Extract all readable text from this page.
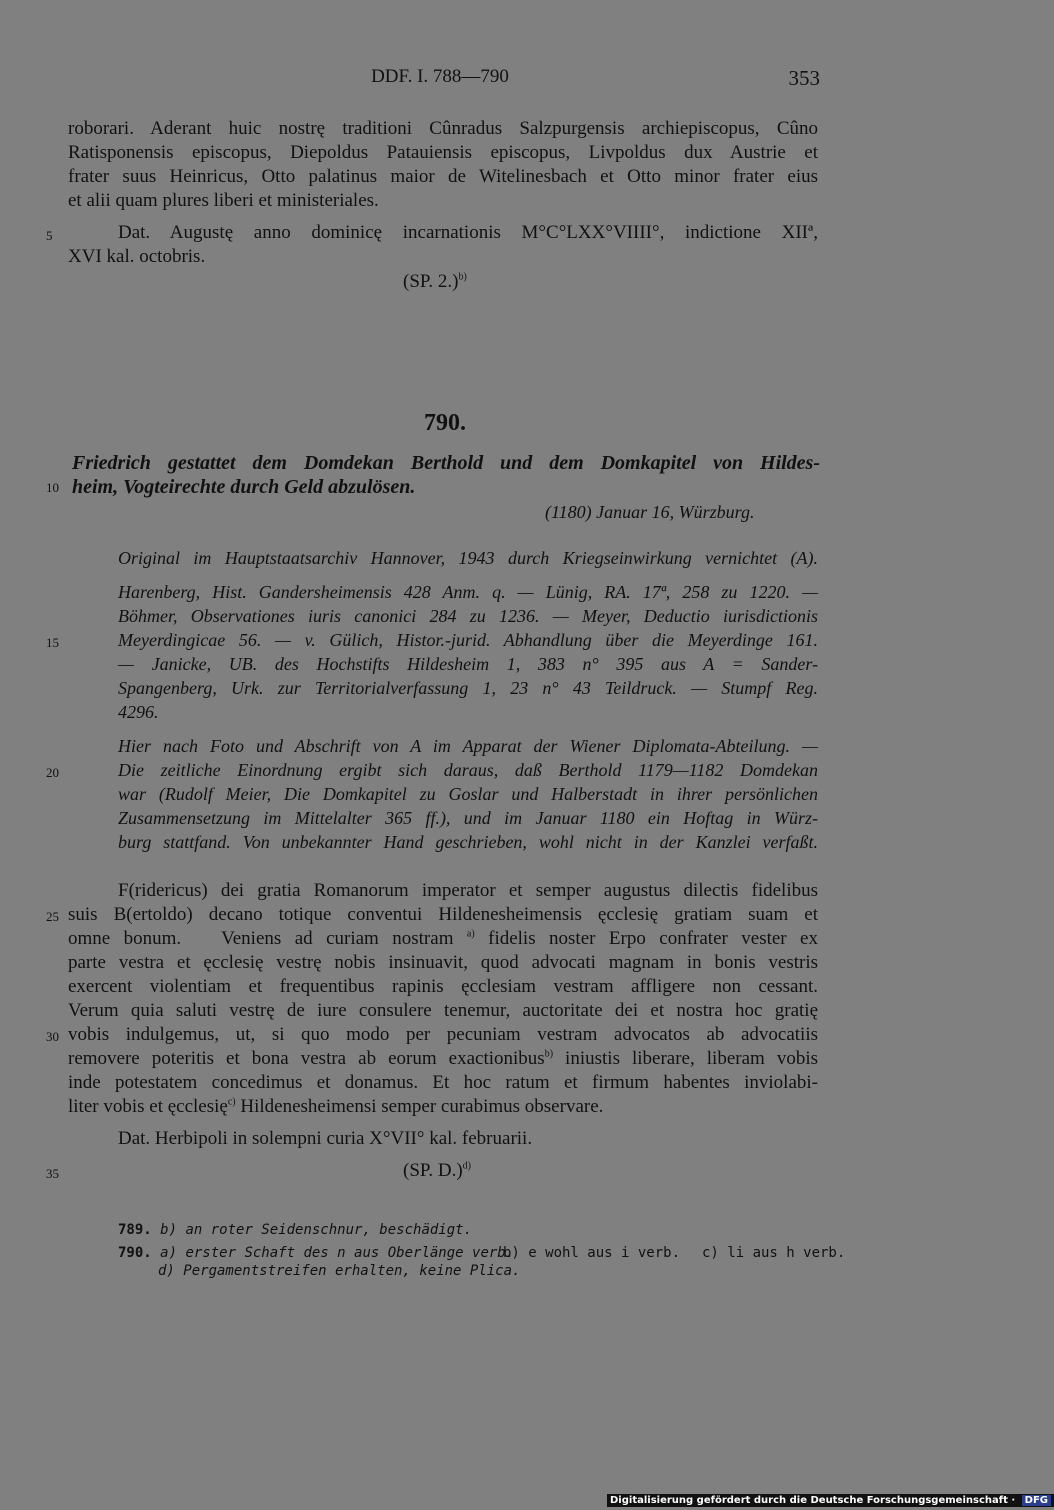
DDF. I. 788—790	353
roborari. Aderant huic nostrę traditioni Cûnradus Salzpurgensis archiepiscopus, Cûno
Ratisponensis episcopus, Diepoldus Patauiensis episcopus, Livpoldus dux Austrie et
frater suus Heinricus, Otto palatinus maior de Witelinesbach et Otto minor frater eius
et alii quam plures liberi et ministeriales.
5	Dat. Augustę anno dominicę incarnationis M°C°LXX°VIIII°, indictione XIIª,
XVI kal. octobris.
(SP. 2.)$^{b)}$
790.
Friedrich gestattet dem Domdekan Berthold und dem Domkapitel von Hildes-
10 heim, Vogteirechte durch Geld abzulösen.
(1180) Januar 16, Würzburg.
Original im Hauptstaatsarchiv Hannover, 1943 durch Kriegseinwirkung vernichtet (A).
Harenberg, Hist. Gandersheimensis 428 Anm. q. — Lünig, RA. 17ª, 258 zu 1220. —
Böhmer, Observationes iuris canonici 284 zu 1236. — Meyer, Deductio iurisdictionis
15	Meyerdingicae 56. — v. Gülich, Histor.-jurid. Abhandlung über die Meyerdinge 161.
— Janicke, UB. des Hochstifts Hildesheim 1, 383 n° 395 aus A = Sander-
Spangenberg, Urk. zur Territorialverfassung 1, 23 n° 43 Teildruck. — Stumpf Reg.
4296.
Hier nach Foto und Abschrift von A im Apparat der Wiener Diplomata-Abteilung. —
20	Die zeitliche Einordnung ergibt sich daraus, daß Berthold 1179—1182 Domdekan
war (Rudolf Meier, Die Domkapitel zu Goslar und Halberstadt in ihrer persönlichen
Zusammensetzung im Mittelalter 365 ff.), und im Januar 1180 ein Hoftag in Würz-
burg stattfand. Von unbekannter Hand geschrieben, wohl nicht in der Kanzlei verfaßt.
F(ridericus) dei gratia Romanorum imperator et semper augustus dilectis fidelibus
25 suis B(ertoldo) decano totique conventui Hildenesheimensis ęcclesię gratiam suam et
omne bonum.   Veniens ad curiam nostram $^{a)}$ fidelis noster Erpo confrater vester ex
parte vestra et ęcclesię vestrę nobis insinuavit, quod advocati magnam in bonis vestris
exercent violentiam et frequentibus rapinis ęcclesiam vestram affligere non cessant.
Verum quia saluti vestrę de iure consulere tenemur, auctoritate dei et nostra hoc gratię
30 vobis indulgemus, ut, si quo modo per pecuniam vestram advocatos ab advocatiis
removere poteritis et bona vestra ab eorum exactionibus$^{b)}$ iniustis liberare, liberam vobis
inde potestatem concedimus et donamus. Et hoc ratum et firmum habentes inviolabi-
liter vobis et ęcclesię$^{c)}$ Hildenesheimensi semper curabimus observare.
Dat. Herbipoli in solempni curia X°VII° kal. februarii.
35	(SP. D.)$^{d)}$
789. b) an roter Seidenschnur, beschädigt.
790. a) erster Schaft des n aus Oberlänge verb.
b) e wohl aus i verb. c) li aus h verb.
d) Pergamentstreifen erhalten, keine Plica.
Digitalisierung gefördert durch die Deutsche Forschungsgemeinschaft · DFG
